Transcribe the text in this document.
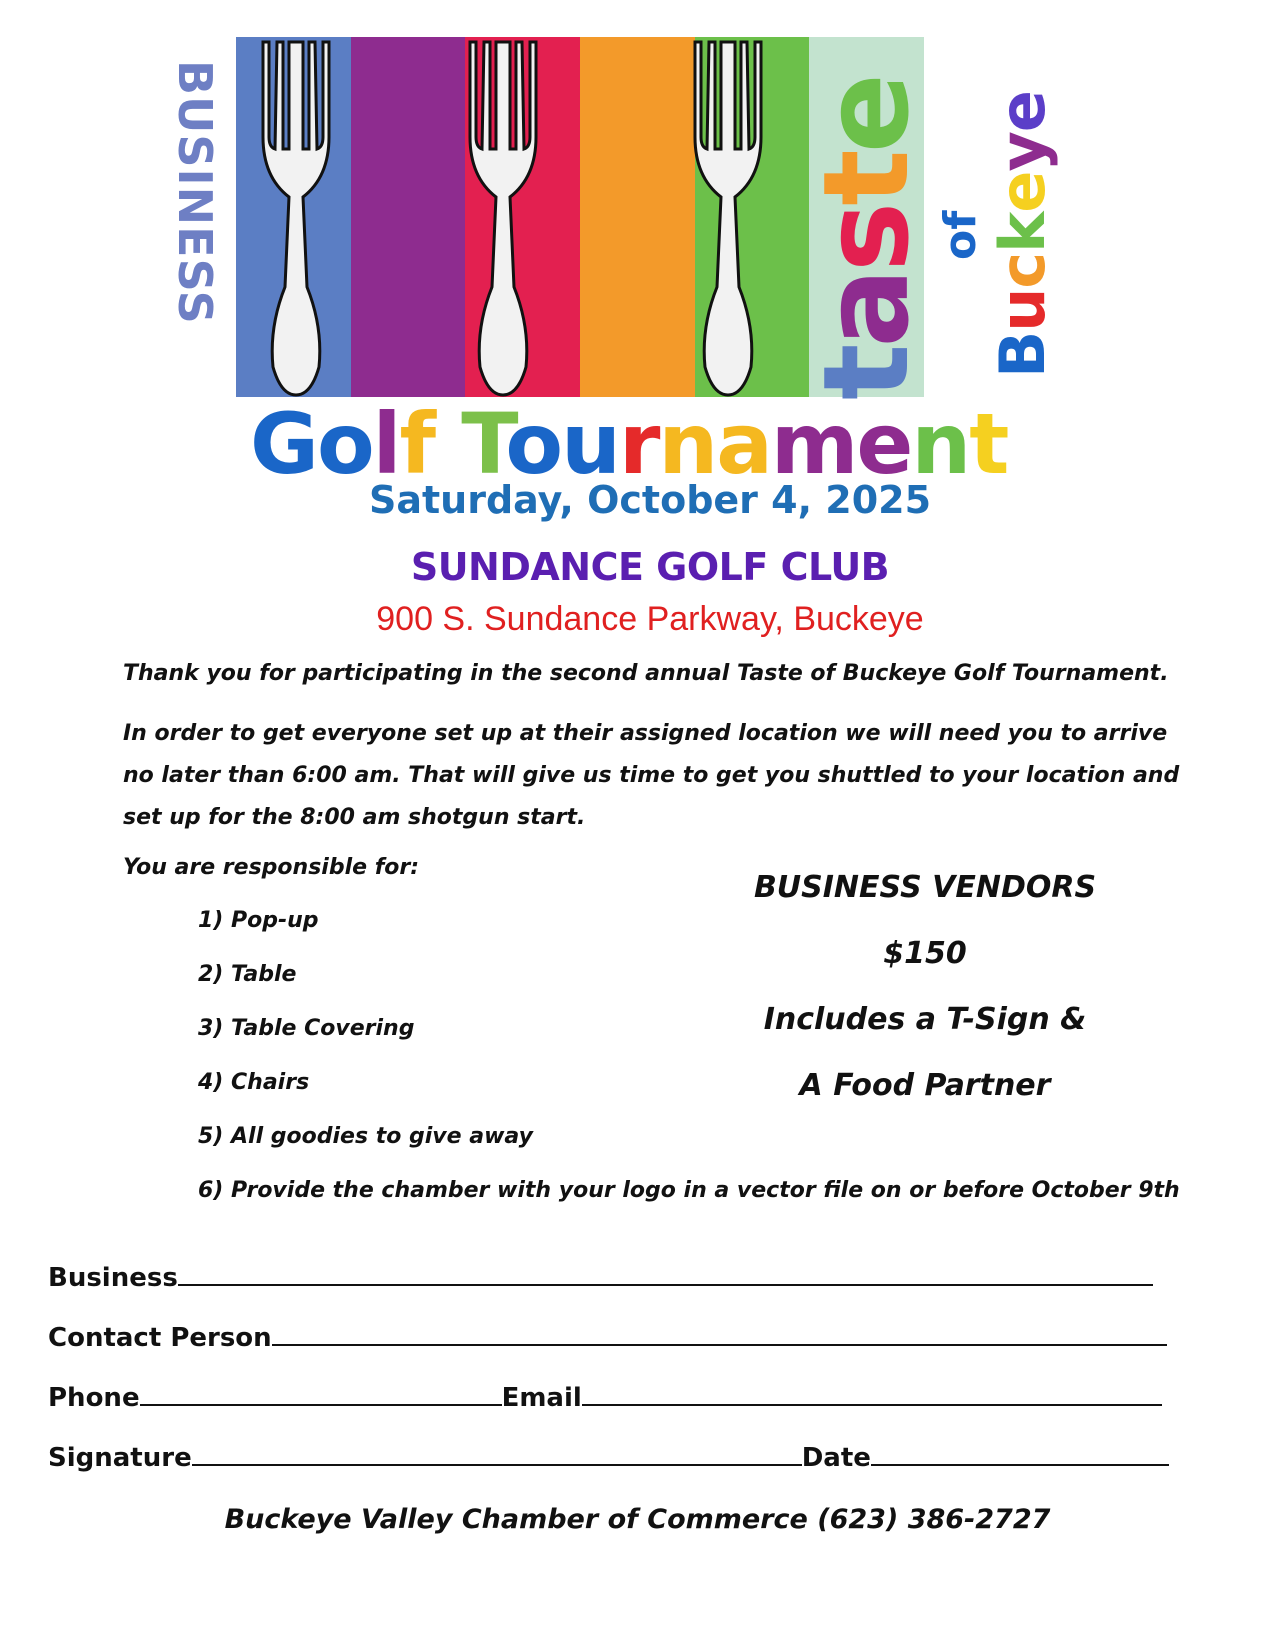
BUSINESS
taste
of
Buckeye
Golf Tournament
Saturday, October 4, 2025
SUNDANCE GOLF CLUB
900 S. Sundance Parkway, Buckeye
Thank you for participating in the second annual Taste of Buckeye Golf Tournament.
In order to get everyone set up at their assigned location we will need you to arrive no later than 6:00 am. That will give us time to get you shuttled to your location and set up for the 8:00 am shotgun start.
You are responsible for:
1) Pop-up
2) Table
3) Table Covering
4) Chairs
5) All goodies to give away
6) Provide the chamber with your logo in a vector file on or before October 9th
BUSINESS VENDORS
$150
Includes a T-Sign &
A Food Partner
Business
Contact Person
Phone	Email
Signature	Date
Buckeye Valley Chamber of Commerce (623) 386-2727
